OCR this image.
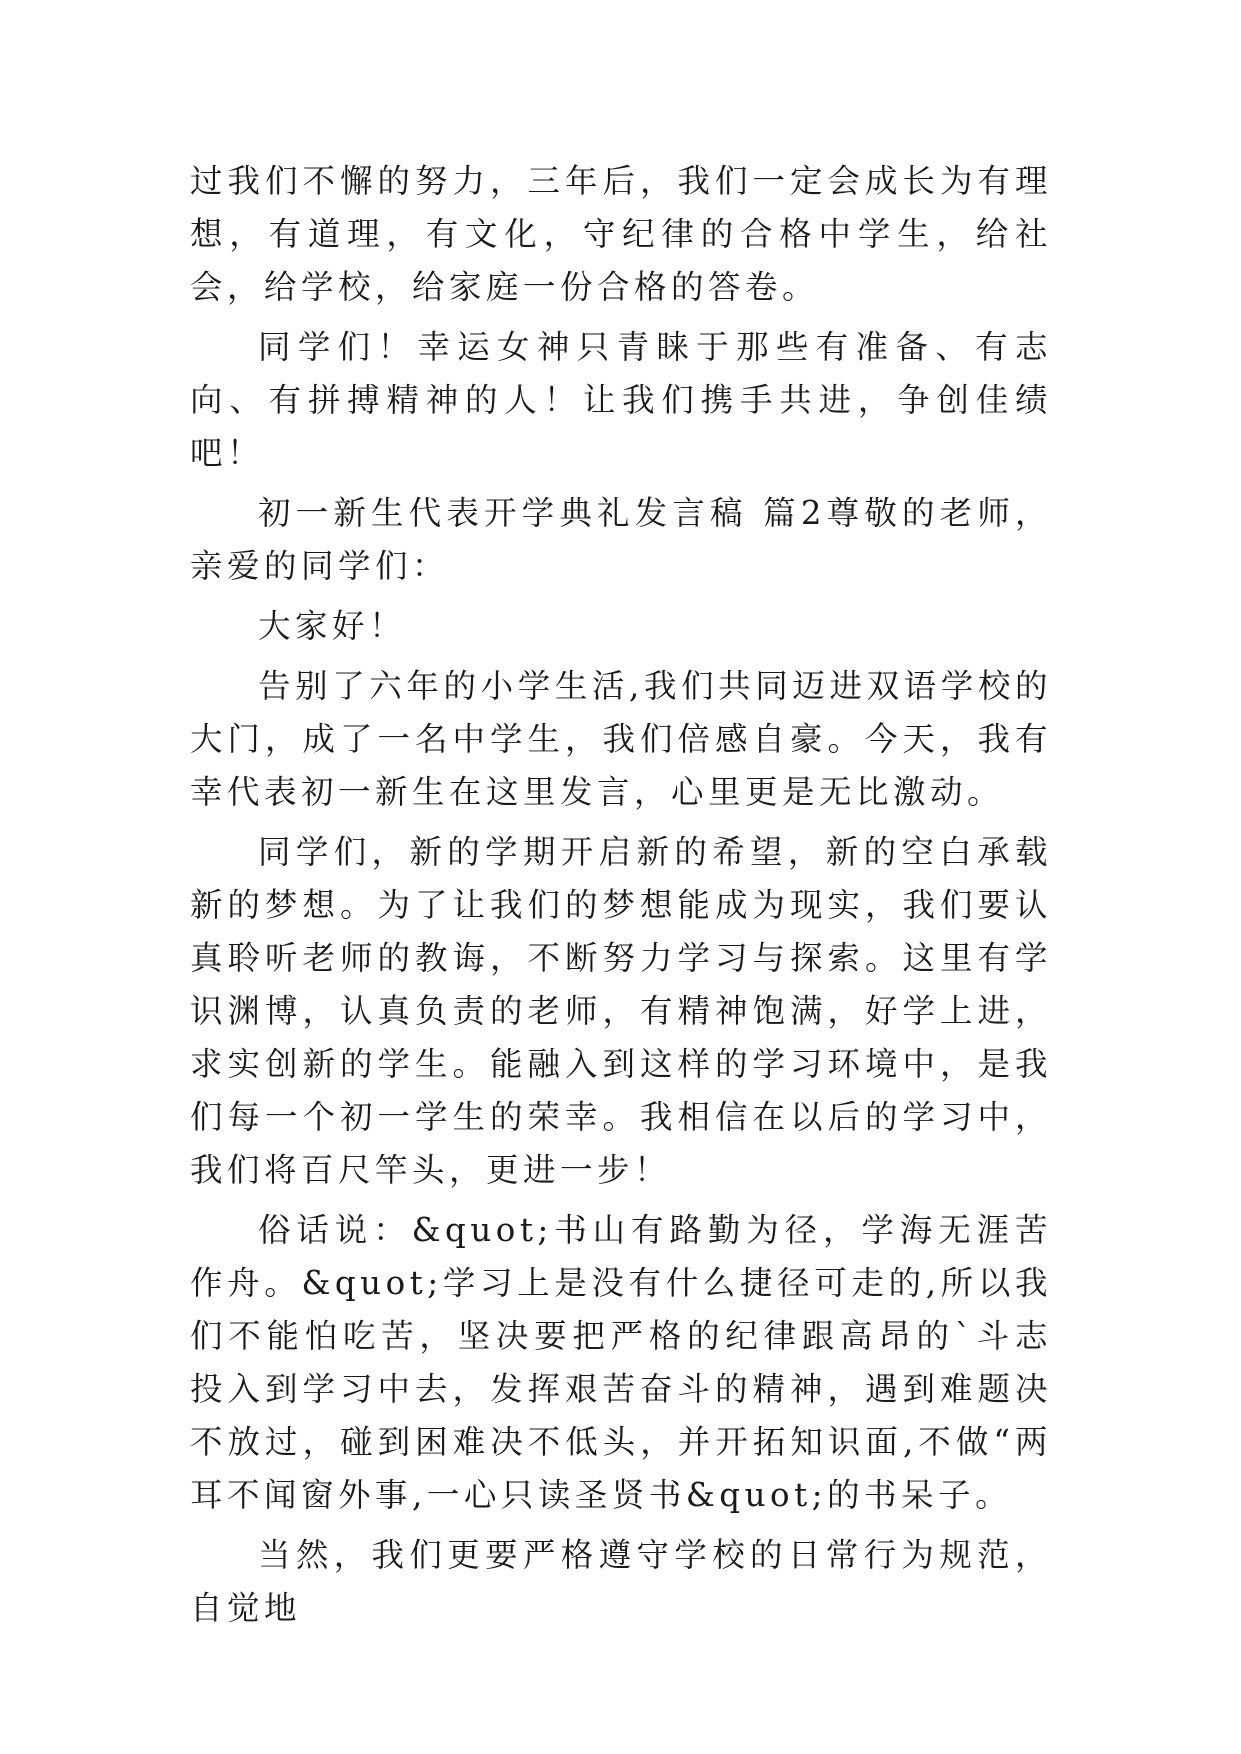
过我们不懈的努力，三年后，我们一定会成长为有理想，有道理，有文化，守纪律的合格中学生，给社会，给学校，给家庭一份合格的答卷。

同学们！幸运女神只青睐于那些有准备、有志向、有拼搏精神的人！让我们携手共进，争创佳绩吧！

初一新生代表开学典礼发言稿 篇2尊敬的老师，亲爱的同学们：

大家好！

告别了六年的小学生活,我们共同迈进双语学校的大门，成了一名中学生，我们倍感自豪。今天，我有幸代表初一新生在这里发言，心里更是无比激动。

同学们，新的学期开启新的希望，新的空白承载新的梦想。为了让我们的梦想能成为现实，我们要认真聆听老师的教诲，不断努力学习与探索。这里有学识渊博，认真负责的老师，有精神饱满，好学上进，求实创新的学生。能融入到这样的学习环境中，是我们每一个初一学生的荣幸。我相信在以后的学习中，我们将百尺竿头，更进一步！

俗话说：&quot;书山有路勤为径，学海无涯苦作舟。&quot;学习上是没有什么捷径可走的,所以我们不能怕吃苦，坚决要把严格的纪律跟高昂的`斗志投入到学习中去，发挥艰苦奋斗的精神，遇到难题决不放过，碰到困难决不低头，并开拓知识面,不做“两耳不闻窗外事,一心只读圣贤书&quot;的书呆子。

当然，我们更要严格遵守学校的日常行为规范，自觉地
